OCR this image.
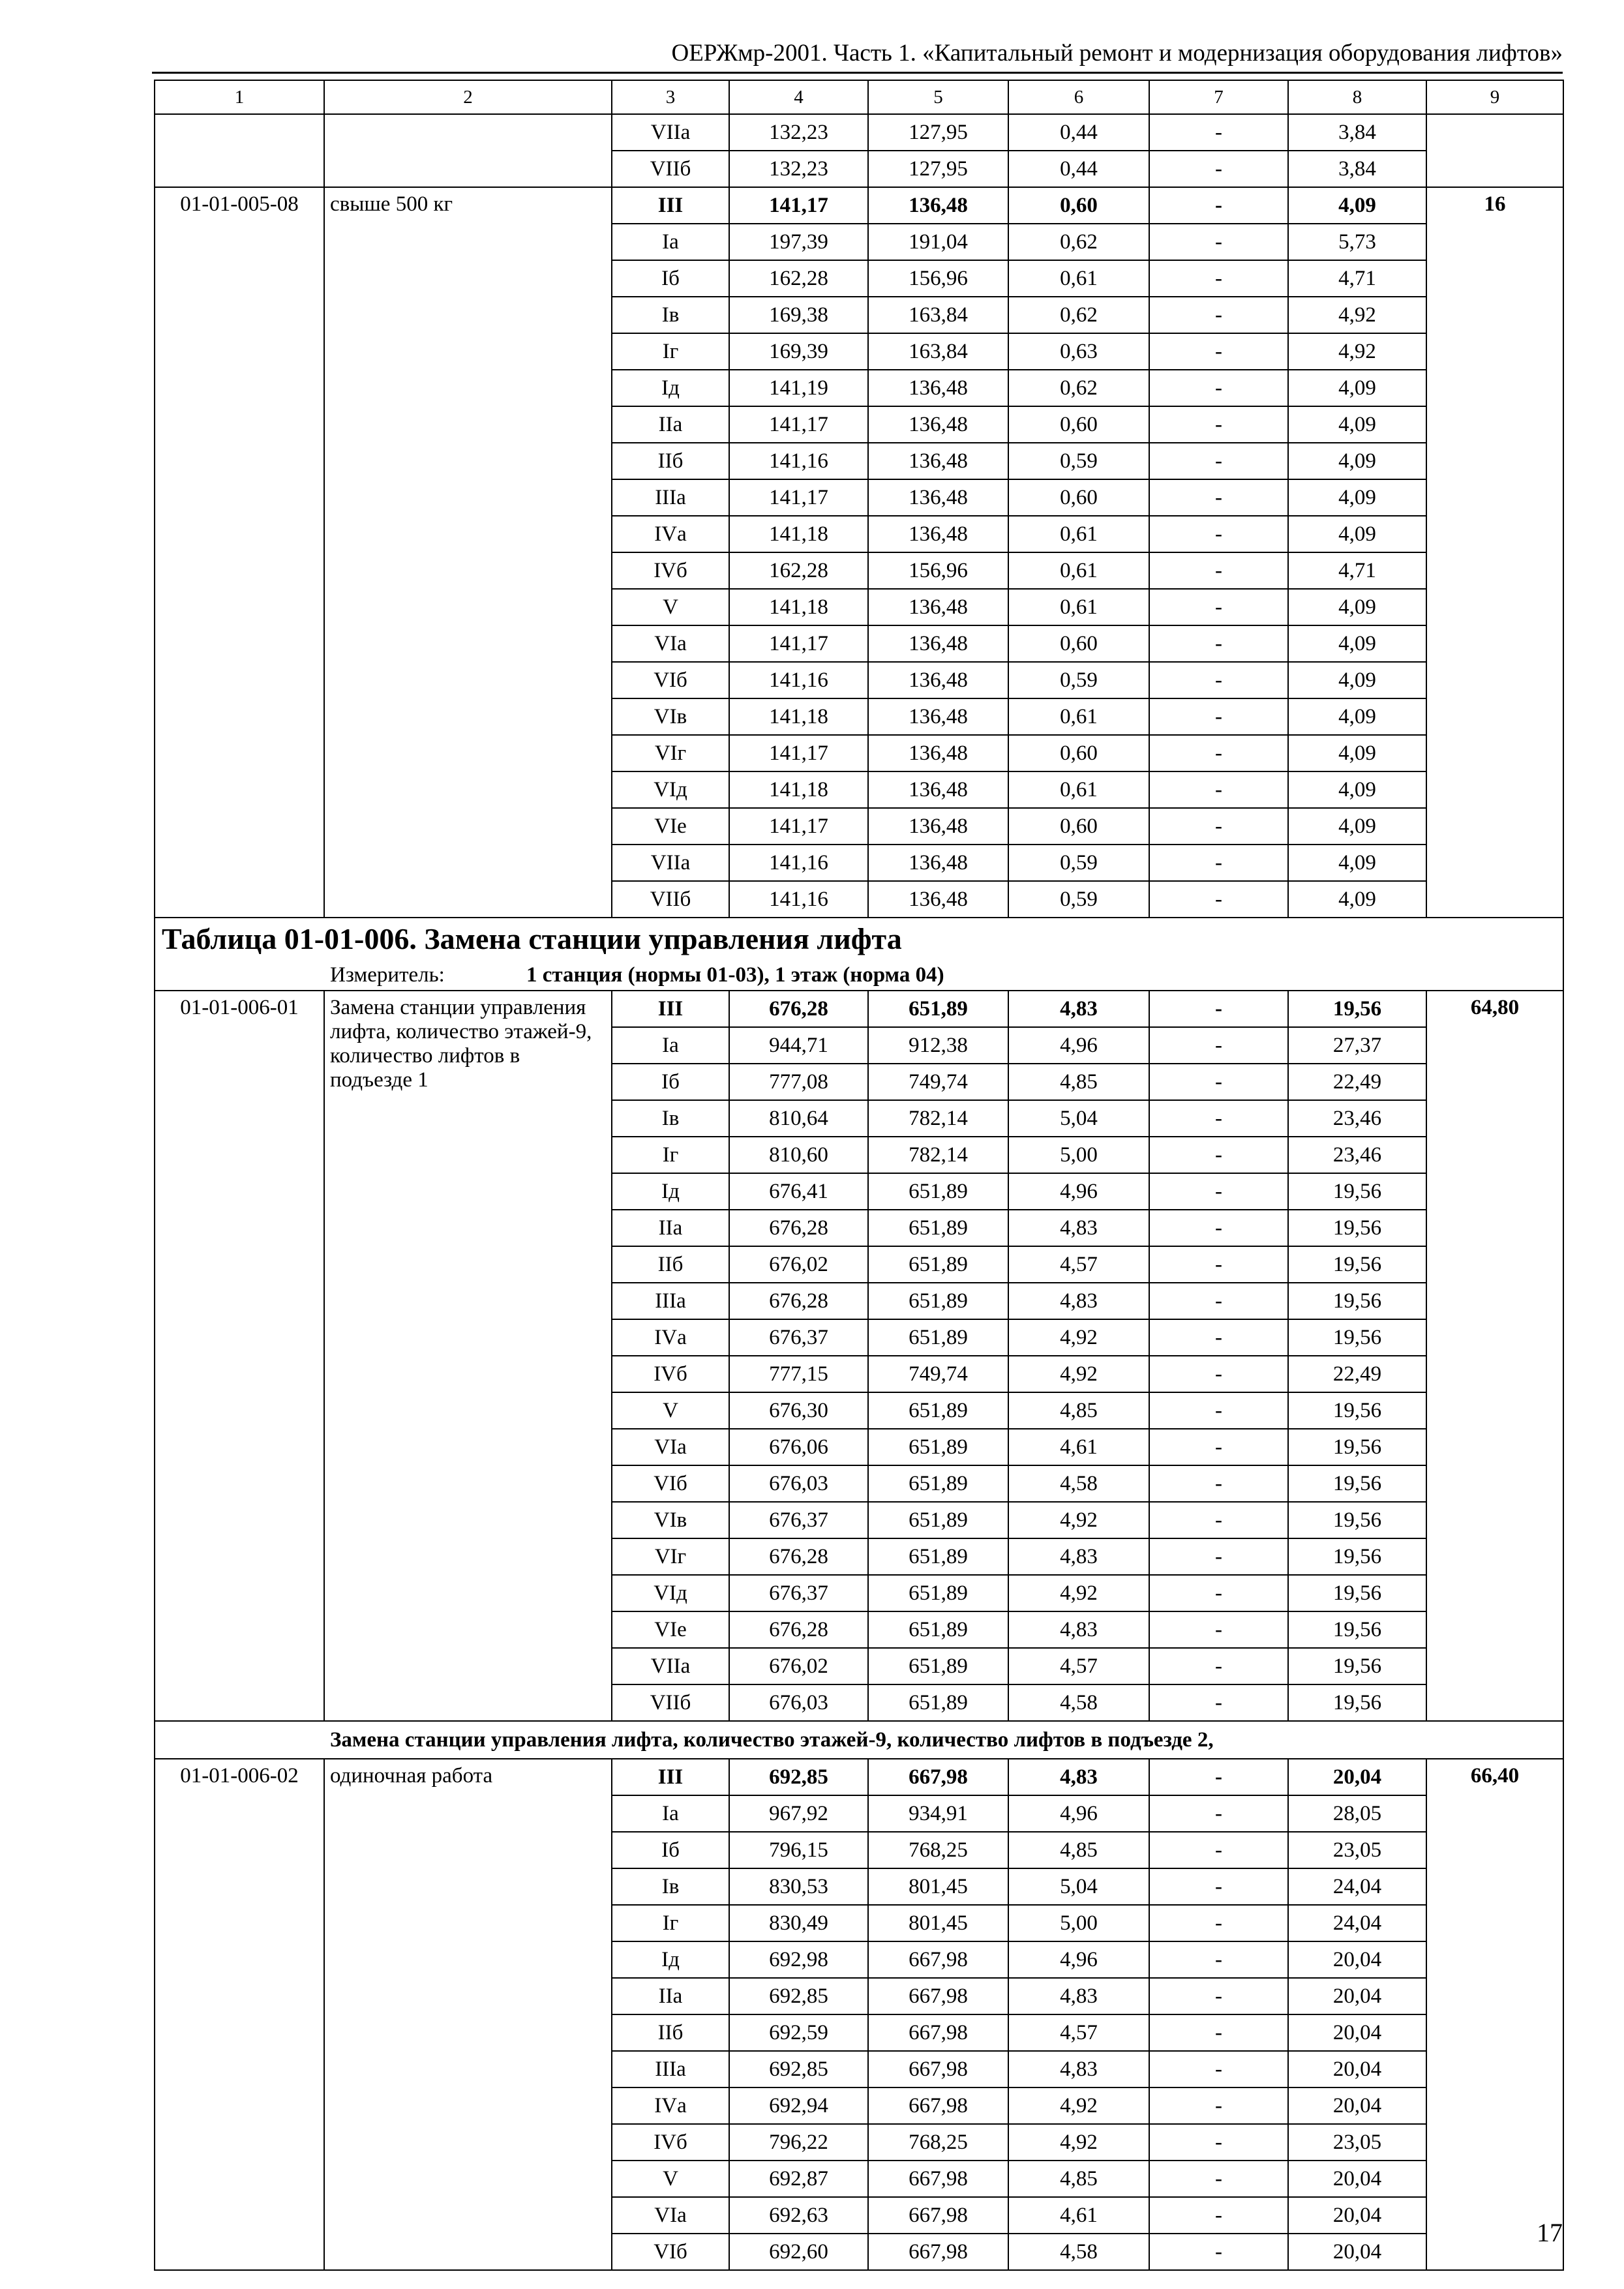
ОЕРЖмр-2001. Часть 1. «Капитальный ремонт и модернизация оборудования лифтов»
1	2	3	4	5	6	7	8	9
		VIIа	132,23	127,95	0,44	-	3,84	
		VIIб	132,23	127,95	0,44	-	3,84	
01-01-005-08	свыше 500 кг	III	141,17	136,48	0,60	-	4,09	16
		Iа	197,39	191,04	0,62	-	5,73	
		Iб	162,28	156,96	0,61	-	4,71	
		Iв	169,38	163,84	0,62	-	4,92	
		Iг	169,39	163,84	0,63	-	4,92	
		Iд	141,19	136,48	0,62	-	4,09	
		IIа	141,17	136,48	0,60	-	4,09	
		IIб	141,16	136,48	0,59	-	4,09	
		IIIа	141,17	136,48	0,60	-	4,09	
		IVа	141,18	136,48	0,61	-	4,09	
		IVб	162,28	156,96	0,61	-	4,71	
		V	141,18	136,48	0,61	-	4,09	
		VIа	141,17	136,48	0,60	-	4,09	
		VIб	141,16	136,48	0,59	-	4,09	
		VIв	141,18	136,48	0,61	-	4,09	
		VIг	141,17	136,48	0,60	-	4,09	
		VIд	141,18	136,48	0,61	-	4,09	
		VIе	141,17	136,48	0,60	-	4,09	
		VIIа	141,16	136,48	0,59	-	4,09	
		VIIб	141,16	136,48	0,59	-	4,09	
Таблица 01-01-006. Замена станции управления лифта								
Измеритель: 1 станция (нормы 01-03), 1 этаж (норма 04)								
01-01-006-01	Замена станции управления лифта, количество этажей-9, количество лифтов в подъезде 1	III	676,28	651,89	4,83	-	19,56	64,80
		Iа	944,71	912,38	4,96	-	27,37	
		Iб	777,08	749,74	4,85	-	22,49	
		Iв	810,64	782,14	5,04	-	23,46	
		Iг	810,60	782,14	5,00	-	23,46	
		Iд	676,41	651,89	4,96	-	19,56	
		IIа	676,28	651,89	4,83	-	19,56	
		IIб	676,02	651,89	4,57	-	19,56	
		IIIа	676,28	651,89	4,83	-	19,56	
		IVа	676,37	651,89	4,92	-	19,56	
		IVб	777,15	749,74	4,92	-	22,49	
		V	676,30	651,89	4,85	-	19,56	
		VIа	676,06	651,89	4,61	-	19,56	
		VIб	676,03	651,89	4,58	-	19,56	
		VIв	676,37	651,89	4,92	-	19,56	
		VIг	676,28	651,89	4,83	-	19,56	
		VIд	676,37	651,89	4,92	-	19,56	
		VIе	676,28	651,89	4,83	-	19,56	
		VIIа	676,02	651,89	4,57	-	19,56	
		VIIб	676,03	651,89	4,58	-	19,56	
Замена станции управления лифта, количество этажей-9, количество лифтов в подъезде 2,								
01-01-006-02	одиночная работа	III	692,85	667,98	4,83	-	20,04	66,40
		Iа	967,92	934,91	4,96	-	28,05	
		Iб	796,15	768,25	4,85	-	23,05	
		Iв	830,53	801,45	5,04	-	24,04	
		Iг	830,49	801,45	5,00	-	24,04	
		Iд	692,98	667,98	4,96	-	20,04	
		IIа	692,85	667,98	4,83	-	20,04	
		IIб	692,59	667,98	4,57	-	20,04	
		IIIа	692,85	667,98	4,83	-	20,04	
		IVа	692,94	667,98	4,92	-	20,04	
		IVб	796,22	768,25	4,92	-	23,05	
		V	692,87	667,98	4,85	-	20,04	
		VIа	692,63	667,98	4,61	-	20,04	
		VIб	692,60	667,98	4,58	-	20,04	
17
